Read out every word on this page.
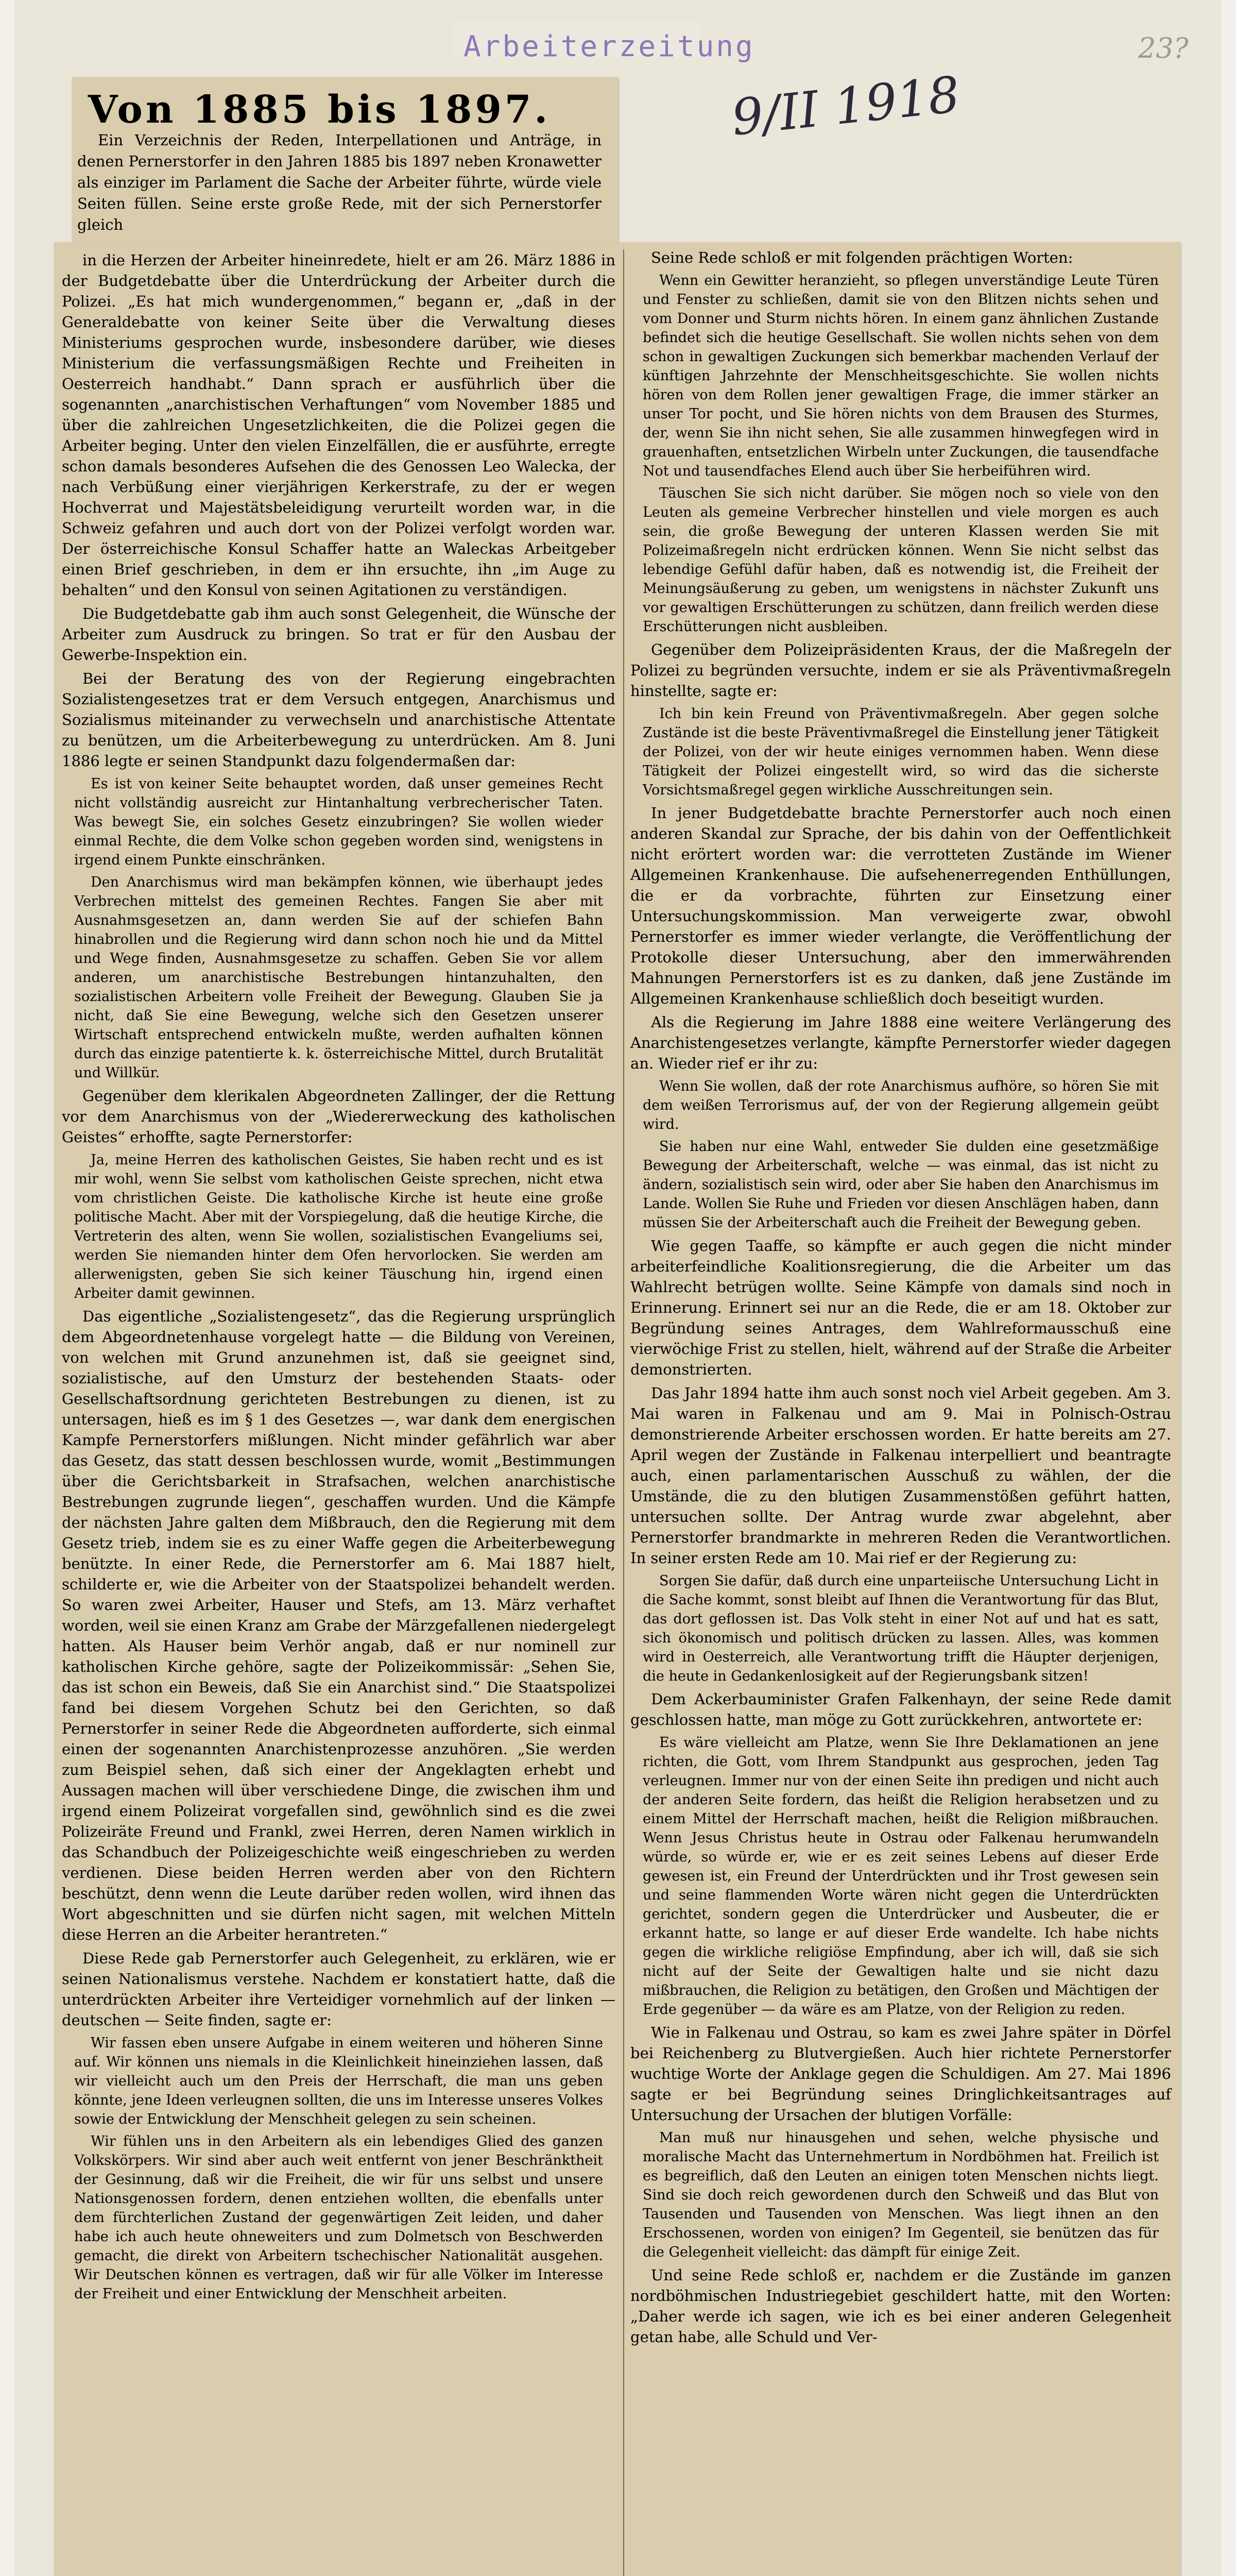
Arbeiterzeitung	23?
9/II 1918
Von 1885 bis 1897.

Ein Verzeichnis der Reden, Interpellationen und Anträge, in denen Pernerstorfer in den Jahren 1885 bis 1897 neben Kronawetter als einziger im Parlament die Sache der Arbeiter führte, würde viele Seiten füllen. Seine erste große Rede, mit der sich Pernerstorfer gleich

in die Herzen der Arbeiter hineinredete, hielt er am 26. März 1886 in der Budgetdebatte über die Unterdrückung der Arbeiter durch die Polizei. „Es hat mich wundergenommen,“ begann er, „daß in der Generaldebatte von keiner Seite über die Verwaltung dieses Ministeriums gesprochen wurde, insbesondere darüber, wie dieses Ministerium die verfassungsmäßigen Rechte und Freiheiten in Oesterreich handhabt.“ Dann sprach er ausführlich über die sogenannten „anarchistischen Verhaftungen“ vom November 1885 und über die zahlreichen Ungesetzlichkeiten, die die Polizei gegen die Arbeiter beging. Unter den vielen Einzelfällen, die er ausführte, erregte schon damals besonderes Aufsehen die des Genossen Leo Walecka, der nach Verbüßung einer vierjährigen Kerkerstrafe, zu der er wegen Hochverrat und Majestätsbeleidigung verurteilt worden war, in die Schweiz gefahren und auch dort von der Polizei verfolgt worden war. Der österreichische Konsul Schaffer hatte an Waleckas Arbeitgeber einen Brief geschrieben, in dem er ihn ersuchte, ihn „im Auge zu behalten“ und den Konsul von seinen Agitationen zu verständigen.

Die Budgetdebatte gab ihm auch sonst Gelegenheit, die Wünsche der Arbeiter zum Ausdruck zu bringen. So trat er für den Ausbau der Gewerbe-Inspektion ein.

Bei der Beratung des von der Regierung eingebrachten Sozialistengesetzes trat er dem Versuch entgegen, Anarchismus und Sozialismus miteinander zu verwechseln und anarchistische Attentate zu benützen, um die Arbeiterbewegung zu unterdrücken. Am 8. Juni 1886 legte er seinen Standpunkt dazu folgendermaßen dar:

Es ist von keiner Seite behauptet worden, daß unser gemeines Recht nicht vollständig ausreicht zur Hintanhaltung verbrecherischer Taten. Was bewegt Sie, ein solches Gesetz einzubringen? Sie wollen wieder einmal Rechte, die dem Volke schon gegeben worden sind, wenigstens in irgend einem Punkte einschränken.

Den Anarchismus wird man bekämpfen können, wie überhaupt jedes Verbrechen mittelst des gemeinen Rechtes. Fangen Sie aber mit Ausnahmsgesetzen an, dann werden Sie auf der schiefen Bahn hinabrollen und die Regierung wird dann schon noch hie und da Mittel und Wege finden, Ausnahmsgesetze zu schaffen. Geben Sie vor allem anderen, um anarchistische Bestrebungen hintanzuhalten, den sozialistischen Arbeitern volle Freiheit der Bewegung. Glauben Sie ja nicht, daß Sie eine Bewegung, welche sich den Gesetzen unserer Wirtschaft entsprechend entwickeln mußte, werden aufhalten können durch das einzige patentierte k. k. österreichische Mittel, durch Brutalität und Willkür.

Gegenüber dem klerikalen Abgeordneten Zallinger, der die Rettung vor dem Anarchismus von der „Wiedererweckung des katholischen Geistes“ erhoffte, sagte Pernerstorfer:

Ja, meine Herren des katholischen Geistes, Sie haben recht und es ist mir wohl, wenn Sie selbst vom katholischen Geiste sprechen, nicht etwa vom christlichen Geiste. Die katholische Kirche ist heute eine große politische Macht. Aber mit der Vorspiegelung, daß die heutige Kirche, die Vertreterin des alten, wenn Sie wollen, sozialistischen Evangeliums sei, werden Sie niemanden hinter dem Ofen hervorlocken. Sie werden am allerwenigsten, geben Sie sich keiner Täuschung hin, irgend einen Arbeiter damit gewinnen.

Das eigentliche „Sozialistengesetz“, das die Regierung ursprünglich dem Abgeordnetenhause vorgelegt hatte — die Bildung von Vereinen, von welchen mit Grund anzunehmen ist, daß sie geeignet sind, sozialistische, auf den Umsturz der bestehenden Staats- oder Gesellschaftsordnung gerichteten Bestrebungen zu dienen, ist zu untersagen, hieß es im § 1 des Gesetzes —, war dank dem energischen Kampfe Pernerstorfers mißlungen. Nicht minder gefährlich war aber das Gesetz, das statt dessen beschlossen wurde, womit „Bestimmungen über die Gerichtsbarkeit in Strafsachen, welchen anarchistische Bestrebungen zugrunde liegen“, geschaffen wurden. Und die Kämpfe der nächsten Jahre galten dem Mißbrauch, den die Regierung mit dem Gesetz trieb, indem sie es zu einer Waffe gegen die Arbeiterbewegung benützte. In einer Rede, die Pernerstorfer am 6. Mai 1887 hielt, schilderte er, wie die Arbeiter von der Staatspolizei behandelt werden. So waren zwei Arbeiter, Hauser und Stefs, am 13. März verhaftet worden, weil sie einen Kranz am Grabe der Märzgefallenen niedergelegt hatten. Als Hauser beim Verhör angab, daß er nur nominell zur katholischen Kirche gehöre, sagte der Polizeikommissär: „Sehen Sie, das ist schon ein Beweis, daß Sie ein Anarchist sind.“ Die Staatspolizei fand bei diesem Vorgehen Schutz bei den Gerichten, so daß Pernerstorfer in seiner Rede die Abgeordneten aufforderte, sich einmal einen der sogenannten Anarchistenprozesse anzuhören. „Sie werden zum Beispiel sehen, daß sich einer der Angeklagten erhebt und Aussagen machen will über verschiedene Dinge, die zwischen ihm und irgend einem Polizeirat vorgefallen sind, gewöhnlich sind es die zwei Polizeiräte Freund und Frankl, zwei Herren, deren Namen wirklich in das Schandbuch der Polizeigeschichte weiß eingeschrieben zu werden verdienen. Diese beiden Herren werden aber von den Richtern beschützt, denn wenn die Leute darüber reden wollen, wird ihnen das Wort abgeschnitten und sie dürfen nicht sagen, mit welchen Mitteln diese Herren an die Arbeiter herantreten.“

Diese Rede gab Pernerstorfer auch Gelegenheit, zu erklären, wie er seinen Nationalismus verstehe. Nachdem er konstatiert hatte, daß die unterdrückten Arbeiter ihre Verteidiger vornehmlich auf der linken — deutschen — Seite finden, sagte er:

Wir fassen eben unsere Aufgabe in einem weiteren und höheren Sinne auf. Wir können uns niemals in die Kleinlichkeit hineinziehen lassen, daß wir vielleicht auch um den Preis der Herrschaft, die man uns geben könnte, jene Ideen verleugnen sollten, die uns im Interesse unseres Volkes sowie der Entwicklung der Menschheit gelegen zu sein scheinen.

Wir fühlen uns in den Arbeitern als ein lebendiges Glied des ganzen Volkskörpers. Wir sind aber auch weit entfernt von jener Beschränktheit der Gesinnung, daß wir die Freiheit, die wir für uns selbst und unsere Nationsgenossen fordern, denen entziehen wollten, die ebenfalls unter dem fürchterlichen Zustand der gegenwärtigen Zeit leiden, und daher habe ich auch heute ohneweiters und zum Dolmetsch von Beschwerden gemacht, die direkt von Arbeitern tschechischer Nationalität ausgehen. Wir Deutschen können es vertragen, daß wir für alle Völker im Interesse der Freiheit und einer Entwicklung der Menschheit arbeiten.

Seine Rede schloß er mit folgenden prächtigen Worten:

Wenn ein Gewitter heranzieht, so pflegen unverständige Leute Türen und Fenster zu schließen, damit sie von den Blitzen nichts sehen und vom Donner und Sturm nichts hören. In einem ganz ähnlichen Zustande befindet sich die heutige Gesellschaft. Sie wollen nichts sehen von dem schon in gewaltigen Zuckungen sich bemerkbar machenden Verlauf der künftigen Jahrzehnte der Menschheitsgeschichte. Sie wollen nichts hören von dem Rollen jener gewaltigen Frage, die immer stärker an unser Tor pocht, und Sie hören nichts von dem Brausen des Sturmes, der, wenn Sie ihn nicht sehen, Sie alle zusammen hinwegfegen wird in grauenhaften, entsetzlichen Wirbeln unter Zuckungen, die tausendfache Not und tausendfaches Elend auch über Sie herbeiführen wird.

Täuschen Sie sich nicht darüber. Sie mögen noch so viele von den Leuten als gemeine Verbrecher hinstellen und viele morgen es auch sein, die große Bewegung der unteren Klassen werden Sie mit Polizeimaßregeln nicht erdrücken können. Wenn Sie nicht selbst das lebendige Gefühl dafür haben, daß es notwendig ist, die Freiheit der Meinungsäußerung zu geben, um wenigstens in nächster Zukunft uns vor gewaltigen Erschütterungen zu schützen, dann freilich werden diese Erschütterungen nicht ausbleiben.

Gegenüber dem Polizeipräsidenten Kraus, der die Maßregeln der Polizei zu begründen versuchte, indem er sie als Präventivmaßregeln hinstellte, sagte er:

Ich bin kein Freund von Präventivmaßregeln. Aber gegen solche Zustände ist die beste Präventivmaßregel die Einstellung jener Tätigkeit der Polizei, von der wir heute einiges vernommen haben. Wenn diese Tätigkeit der Polizei eingestellt wird, so wird das die sicherste Vorsichtsmaßregel gegen wirkliche Ausschreitungen sein.

In jener Budgetdebatte brachte Pernerstorfer auch noch einen anderen Skandal zur Sprache, der bis dahin von der Oeffentlichkeit nicht erörtert worden war: die verrotteten Zustände im Wiener Allgemeinen Krankenhause. Die aufsehenerregenden Enthüllungen, die er da vorbrachte, führten zur Einsetzung einer Untersuchungskommission. Man verweigerte zwar, obwohl Pernerstorfer es immer wieder verlangte, die Veröffentlichung der Protokolle dieser Untersuchung, aber den immerwährenden Mahnungen Pernerstorfers ist es zu danken, daß jene Zustände im Allgemeinen Krankenhause schließlich doch beseitigt wurden.

Als die Regierung im Jahre 1888 eine weitere Verlängerung des Anarchistengesetzes verlangte, kämpfte Pernerstorfer wieder dagegen an. Wieder rief er ihr zu:

Wenn Sie wollen, daß der rote Anarchismus aufhöre, so hören Sie mit dem weißen Terrorismus auf, der von der Regierung allgemein geübt wird.

Sie haben nur eine Wahl, entweder Sie dulden eine gesetzmäßige Bewegung der Arbeiterschaft, welche — was einmal, das ist nicht zu ändern, sozialistisch sein wird, oder aber Sie haben den Anarchismus im Lande. Wollen Sie Ruhe und Frieden vor diesen Anschlägen haben, dann müssen Sie der Arbeiterschaft auch die Freiheit der Bewegung geben.

Wie gegen Taaffe, so kämpfte er auch gegen die nicht minder arbeiterfeindliche Koalitionsregierung, die die Arbeiter um das Wahlrecht betrügen wollte. Seine Kämpfe von damals sind noch in Erinnerung. Erinnert sei nur an die Rede, die er am 18. Oktober zur Begründung seines Antrages, dem Wahlreformausschuß eine vierwöchige Frist zu stellen, hielt, während auf der Straße die Arbeiter demonstrierten.

Das Jahr 1894 hatte ihm auch sonst noch viel Arbeit gegeben. Am 3. Mai waren in Falkenau und am 9. Mai in Polnisch-Ostrau demonstrierende Arbeiter erschossen worden. Er hatte bereits am 27. April wegen der Zustände in Falkenau interpelliert und beantragte auch, einen parlamentarischen Ausschuß zu wählen, der die Umstände, die zu den blutigen Zusammenstößen geführt hatten, untersuchen sollte. Der Antrag wurde zwar abgelehnt, aber Pernerstorfer brandmarkte in mehreren Reden die Verantwortlichen. In seiner ersten Rede am 10. Mai rief er der Regierung zu:

Sorgen Sie dafür, daß durch eine unparteiische Untersuchung Licht in die Sache kommt, sonst bleibt auf Ihnen die Verantwortung für das Blut, das dort geflossen ist. Das Volk steht in einer Not auf und hat es satt, sich ökonomisch und politisch drücken zu lassen. Alles, was kommen wird in Oesterreich, alle Verantwortung trifft die Häupter derjenigen, die heute in Gedankenlosigkeit auf der Regierungsbank sitzen!

Dem Ackerbauminister Grafen Falkenhayn, der seine Rede damit geschlossen hatte, man möge zu Gott zurückkehren, antwortete er:

Es wäre vielleicht am Platze, wenn Sie Ihre Deklamationen an jene richten, die Gott, vom Ihrem Standpunkt aus gesprochen, jeden Tag verleugnen. Immer nur von der einen Seite ihn predigen und nicht auch der anderen Seite fordern, das heißt die Religion herabsetzen und zu einem Mittel der Herrschaft machen, heißt die Religion mißbrauchen. Wenn Jesus Christus heute in Ostrau oder Falkenau herumwandeln würde, so würde er, wie er es zeit seines Lebens auf dieser Erde gewesen ist, ein Freund der Unterdrückten und ihr Trost gewesen sein und seine flammenden Worte wären nicht gegen die Unterdrückten gerichtet, sondern gegen die Unterdrücker und Ausbeuter, die er erkannt hatte, so lange er auf dieser Erde wandelte. Ich habe nichts gegen die wirkliche religiöse Empfindung, aber ich will, daß sie sich nicht auf der Seite der Gewaltigen halte und sie nicht dazu mißbrauchen, die Religion zu betätigen, den Großen und Mächtigen der Erde gegenüber — da wäre es am Platze, von der Religion zu reden.

Wie in Falkenau und Ostrau, so kam es zwei Jahre später in Dörfel bei Reichenberg zu Blutvergießen. Auch hier richtete Pernerstorfer wuchtige Worte der Anklage gegen die Schuldigen. Am 27. Mai 1896 sagte er bei Begründung seines Dringlichkeitsantrages auf Untersuchung der Ursachen der blutigen Vorfälle:

Man muß nur hinausgehen und sehen, welche physische und moralische Macht das Unternehmertum in Nordböhmen hat. Freilich ist es begreiflich, daß den Leuten an einigen toten Menschen nichts liegt. Sind sie doch reich gewordenen durch den Schweiß und das Blut von Tausenden und Tausenden von Menschen. Was liegt ihnen an den Erschossenen, worden von einigen? Im Gegenteil, sie benützen das für die Gelegenheit vielleicht: das dämpft für einige Zeit.

Und seine Rede schloß er, nachdem er die Zustände im ganzen nordböhmischen Industriegebiet geschildert hatte, mit den Worten: „Daher werde ich sagen, wie ich es bei einer anderen Gelegenheit getan habe, alle Schuld und Ver-
